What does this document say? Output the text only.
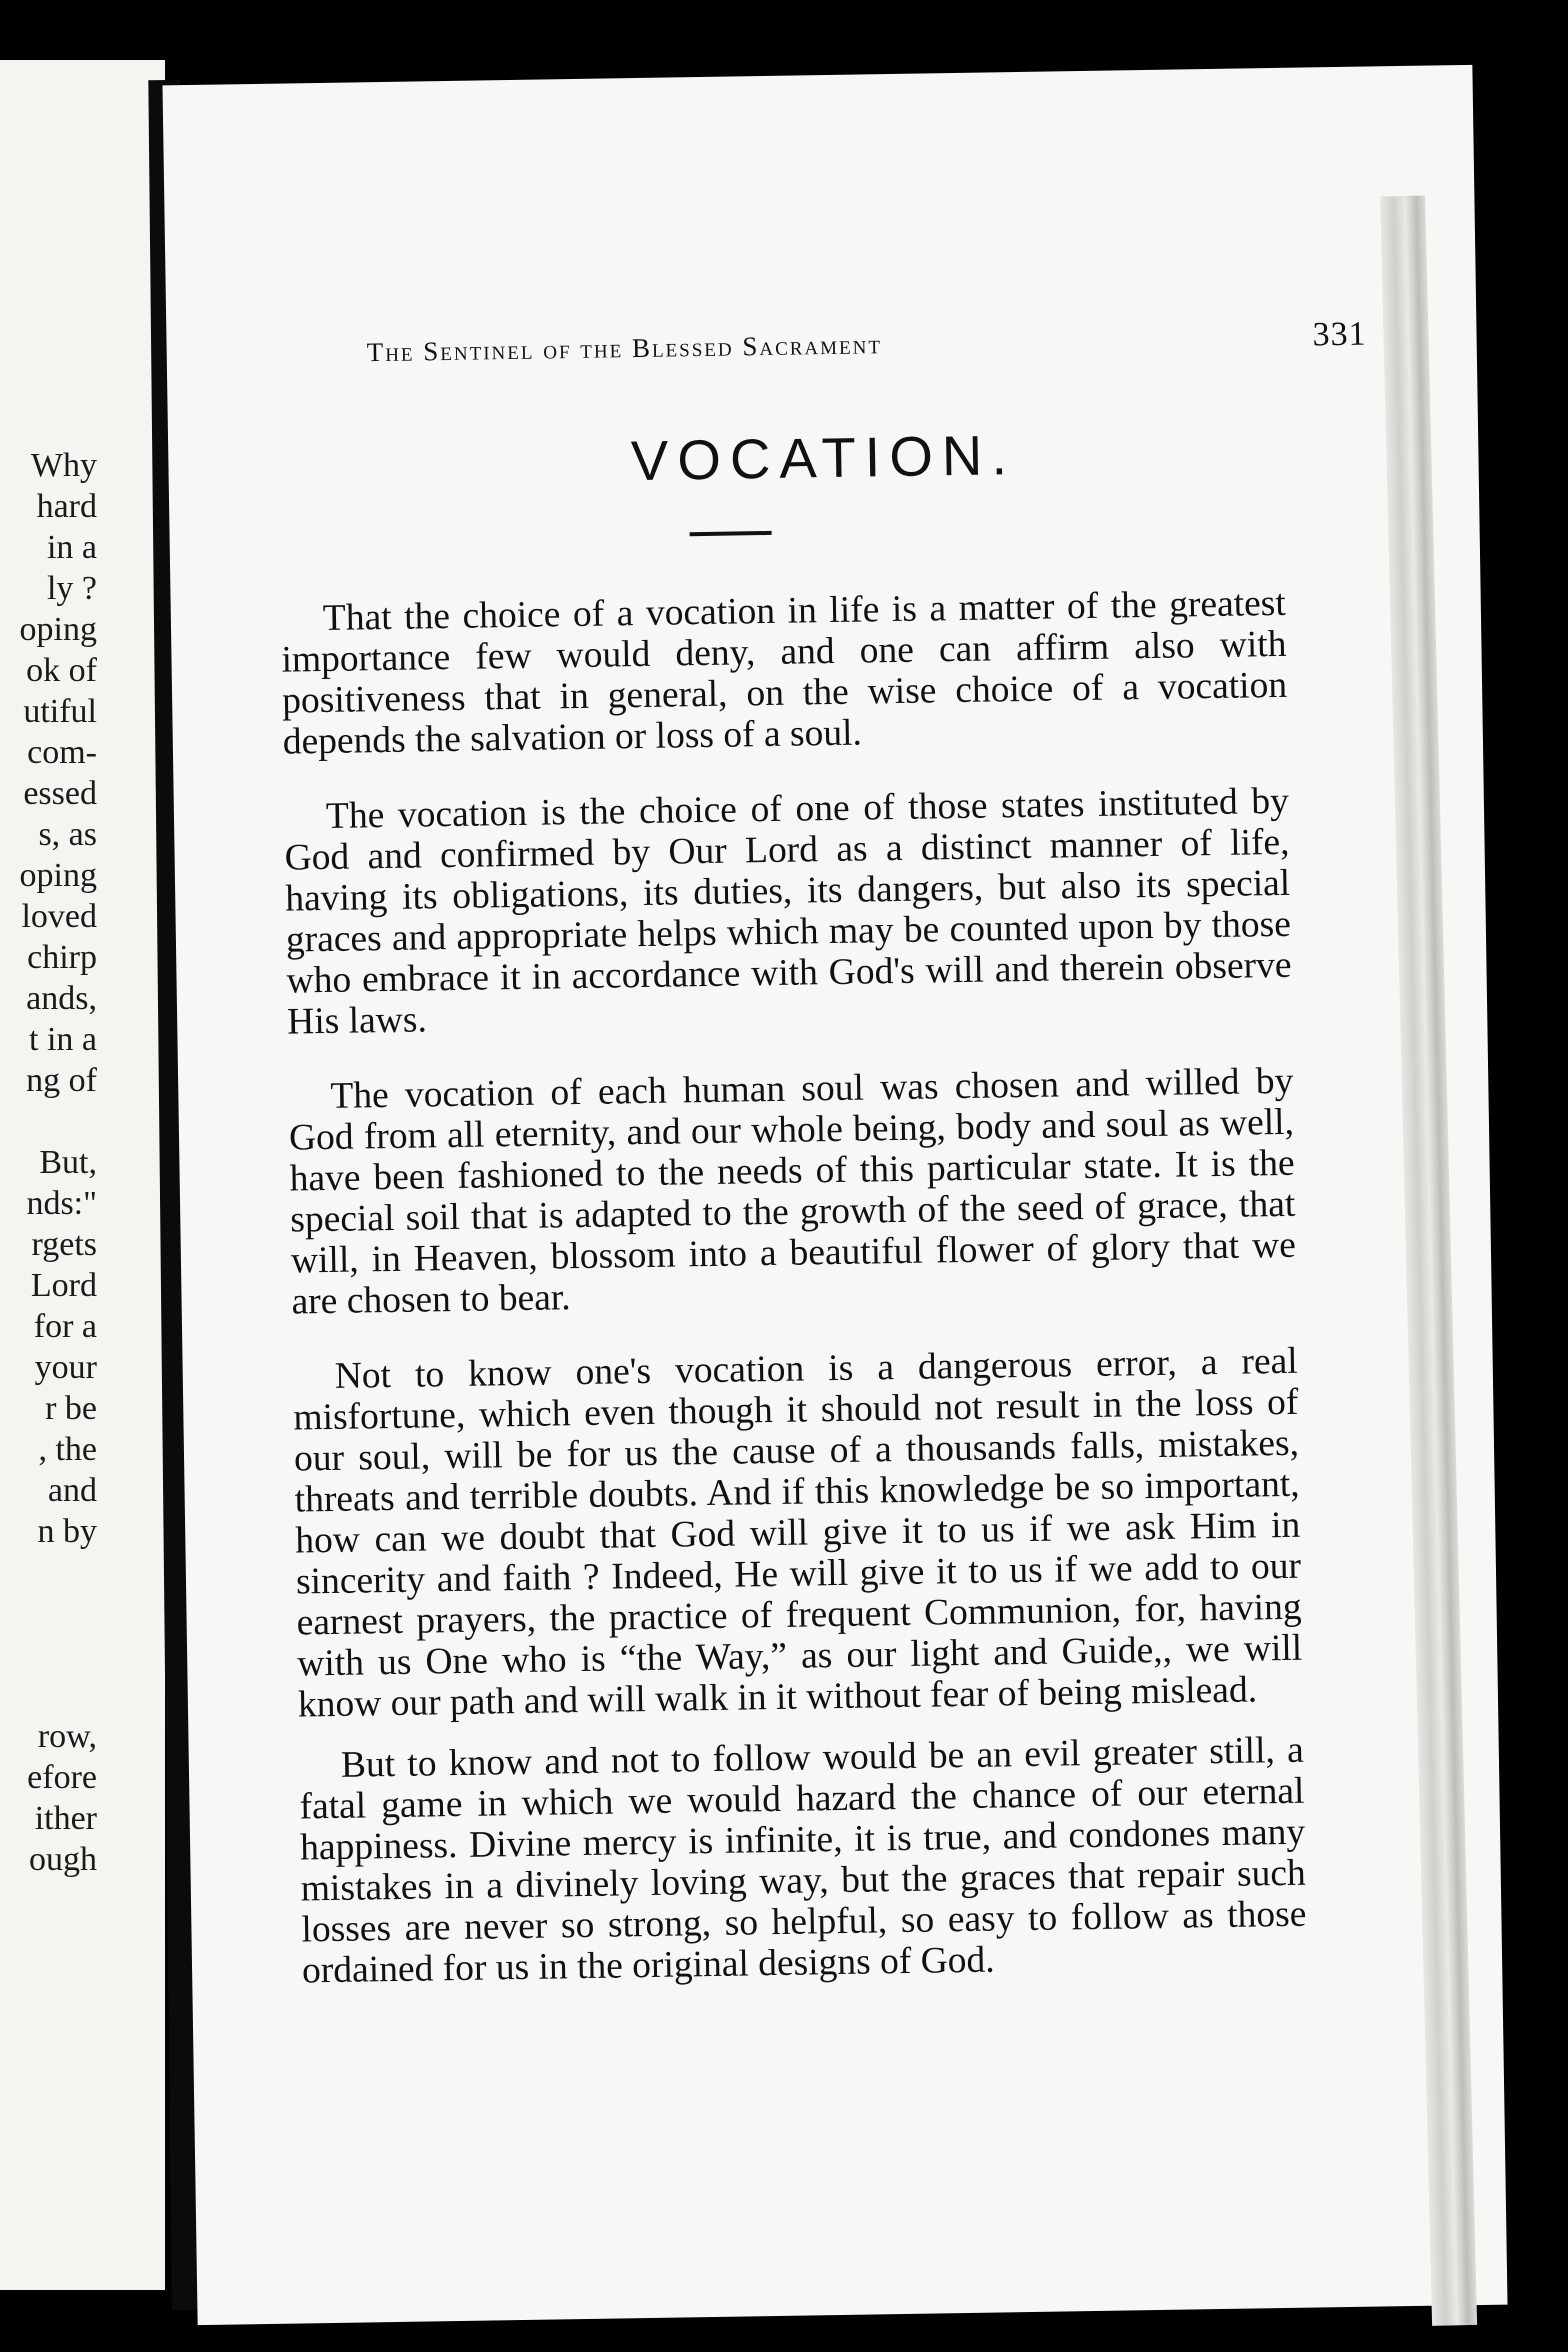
Why
hard
in a
ly ?
oping
ok of
utiful
com-
essed
s, as
oping
loved
chirp
ands,
t in a
ng of
But,
nds:"
rgets
Lord
for a
your
r be
, the
and
n by
row,
efore
ither
ough
The Sentinel of the Blessed Sacrament	331
VOCATION.

That the choice of a vocation in life is a matter of the greatest importance few would deny, and one can affirm also with positiveness that in general, on the wise choice of a vocation depends the salvation or loss of a soul.

The vocation is the choice of one of those states instituted by God and confirmed by Our Lord as a distinct manner of life, having its obligations, its duties, its dangers, but also its special graces and appropriate helps which may be counted upon by those who embrace it in accordance with God's will and therein observe His laws.

The vocation of each human soul was chosen and willed by God from all eternity, and our whole being, body and soul as well, have been fashioned to the needs of this particular state. It is the special soil that is adapted to the growth of the seed of grace, that will, in Heaven, blossom into a beautiful flower of glory that we are chosen to bear.

Not to know one's vocation is a dangerous error, a real misfortune, which even though it should not result in the loss of our soul, will be for us the cause of a thousands falls, mistakes, threats and terrible doubts. And if this knowledge be so important, how can we doubt that God will give it to us if we ask Him in sincerity and faith ? Indeed, He will give it to us if we add to our earnest prayers, the practice of frequent Communion, for, having with us One who is “the Way,” as our light and Guide,, we will know our path and will walk in it without fear of being mislead.

But to know and not to follow would be an evil greater still, a fatal game in which we would hazard the chance of our eternal happiness. Divine mercy is infinite, it is true, and condones many mistakes in a divinely loving way, but the graces that repair such losses are never so strong, so helpful, so easy to follow as those ordained for us in the original designs of God.
